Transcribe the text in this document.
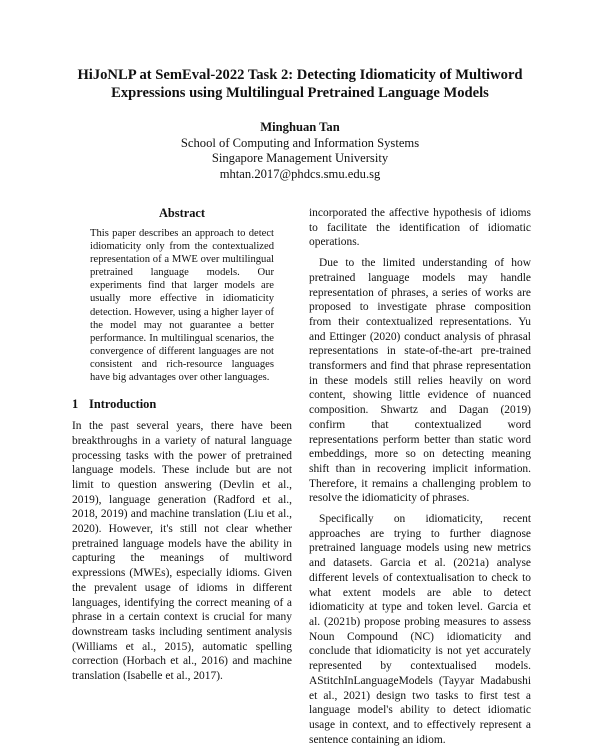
HiJoNLP at SemEval-2022 Task 2: Detecting Idiomaticity of Multiword Expressions using Multilingual Pretrained Language Models
Minghuan Tan
School of Computing and Information Systems
Singapore Management University
mhtan.2017@phdcs.smu.edu.sg
Abstract

This paper describes an approach to detect idiomaticity only from the contextualized representation of a MWE over multilingual pretrained language models. Our experiments find that larger models are usually more effective in idiomaticity detection. However, using a higher layer of the model may not guarantee a better performance. In multilingual scenarios, the convergence of different languages are not consistent and rich-resource languages have big advantages over other languages.

1 Introduction

In the past several years, there have been breakthroughs in a variety of natural language processing tasks with the power of pretrained language models. These include but are not limit to question answering (Devlin et al., 2019), language generation (Radford et al., 2018, 2019) and machine translation (Liu et al., 2020). However, it's still not clear whether pretrained language models have the ability in capturing the meanings of multiword expressions (MWEs), especially idioms. Given the prevalent usage of idioms in different languages, identifying the correct meaning of a phrase in a certain context is crucial for many downstream tasks including sentiment analysis (Williams et al., 2015), automatic spelling correction (Horbach et al., 2016) and machine translation (Isabelle et al., 2017).

incorporated the affective hypothesis of idioms to facilitate the identification of idiomatic operations.

Due to the limited understanding of how pretrained language models may handle representation of phrases, a series of works are proposed to investigate phrase composition from their contextualized representations. Yu and Ettinger (2020) conduct analysis of phrasal representations in state-of-the-art pre-trained transformers and find that phrase representation in these models still relies heavily on word content, showing little evidence of nuanced composition. Shwartz and Dagan (2019) confirm that contextualized word representations perform better than static word embeddings, more so on detecting meaning shift than in recovering implicit information. Therefore, it remains a challenging problem to resolve the idiomaticity of phrases.

Specifically on idiomaticity, recent approaches are trying to further diagnose pretrained language models using new metrics and datasets. Garcia et al. (2021a) analyse different levels of contextualisation to check to what extent models are able to detect idiomaticity at type and token level. Garcia et al. (2021b) propose probing measures to assess Noun Compound (NC) idiomaticity and conclude that idiomaticity is not yet accurately represented by contextualised models. AStitchInLanguageModels (Tayyar Madabushi et al., 2021) design two tasks to first test a language model's ability to detect idiomatic usage in context, and to effectively represent a sentence containing an idiom.
